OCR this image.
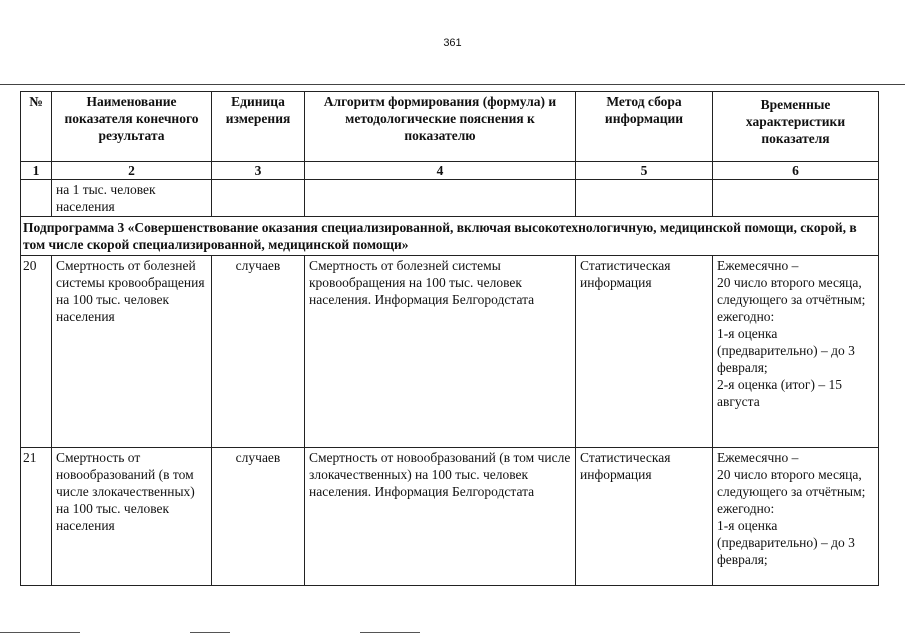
361
№	Наименование показателя конечного результата	Единица измерения	Алгоритм формирования (формула) и методологические пояснения к показателю	Метод сбора информации	Временные характеристики показателя
1	2	3	4	5	6
	на 1 тыс. человек населения				
Подпрограмма 3 «Совершенствование оказания специализированной, включая высокотехнологичную, медицинской помощи, скорой, в том числе скорой специализированной, медицинской помощи»					
20	Смертность от болезней системы кровообращения на 100 тыс. человек населения	случаев	Смертность от болезней системы кровообращения на 100 тыс. человек населения. Информация Белгородстата	Статистическая информация	Ежемесячно –
20 число второго месяца, следующего за отчётным;
ежегодно:
1-я оценка (предварительно) – до 3 февраля;
2-я оценка (итог) – 15 августа
21	Смертность от новообразований (в том числе злокачественных) на 100 тыс. человек населения	случаев	Смертность от новообразований (в том числе злокачественных) на 100 тыс. человек населения. Информация Белгородстата	Статистическая информация	Ежемесячно –
20 число второго месяца, следующего за отчётным;
ежегодно:
1-я оценка (предварительно) – до 3 февраля;
